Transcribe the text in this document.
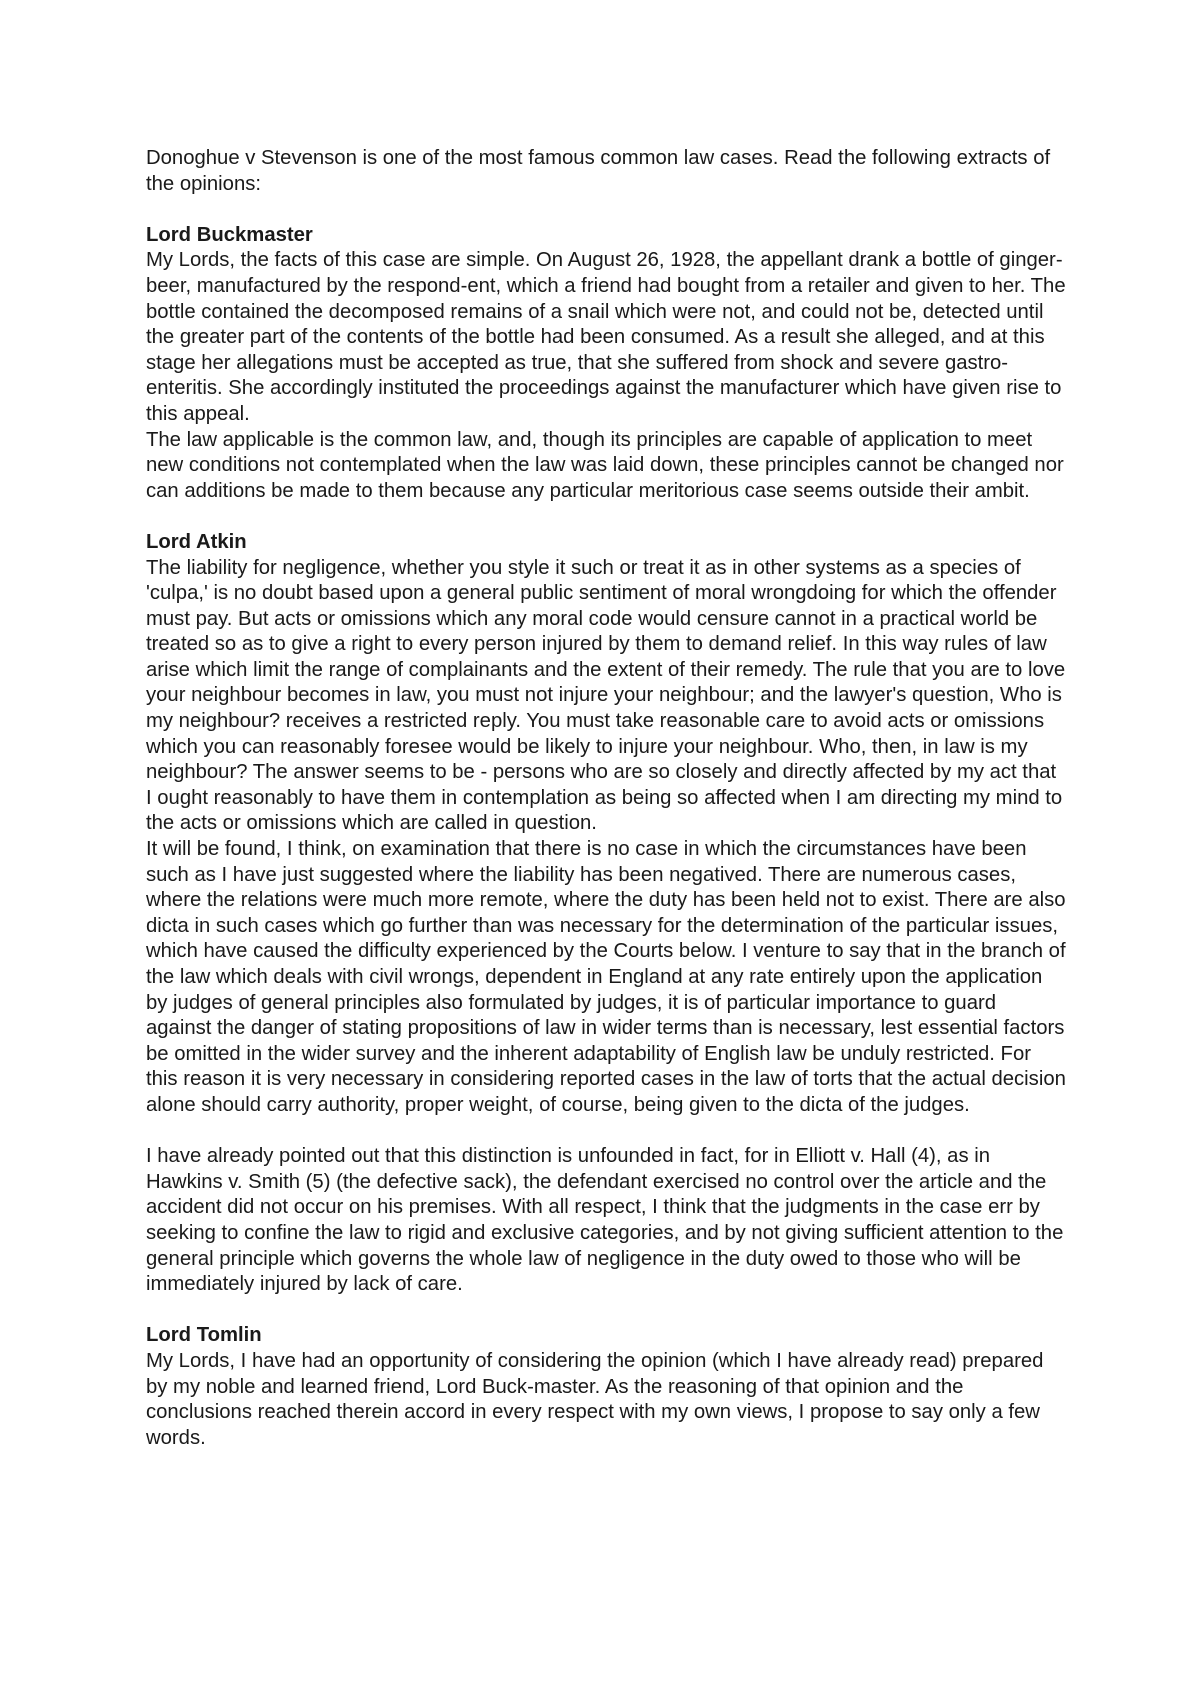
Donoghue v Stevenson is one of the most famous common law cases. Read the following extracts of the opinions:

Lord Buckmaster

My Lords, the facts of this case are simple. On August 26, 1928, the appellant drank a bottle of ginger-beer, manufactured by the respond-ent, which a friend had bought from a retailer and given to her. The bottle contained the decomposed remains of a snail which were not, and could not be, detected until the greater part of the contents of the bottle had been consumed. As a result she alleged, and at this stage her allegations must be accepted as true, that she suffered from shock and severe gastro-enteritis. She accordingly instituted the proceedings against the manufacturer which have given rise to this appeal.

The law applicable is the common law, and, though its principles are capable of application to meet new conditions not contemplated when the law was laid down, these principles cannot be changed nor can additions be made to them because any particular meritorious case seems outside their ambit.

Lord Atkin

The liability for negligence, whether you style it such or treat it as in other systems as a species of 'culpa,' is no doubt based upon a general public sentiment of moral wrongdoing for which the offender must pay. But acts or omissions which any moral code would censure cannot in a practical world be treated so as to give a right to every person injured by them to demand relief. In this way rules of law arise which limit the range of complainants and the extent of their remedy. The rule that you are to love your neighbour becomes in law, you must not injure your neighbour; and the lawyer's question, Who is my neighbour? receives a restricted reply. You must take reasonable care to avoid acts or omissions which you can reasonably foresee would be likely to injure your neighbour. Who, then, in law is my neighbour? The answer seems to be - persons who are so closely and directly affected by my act that I ought reasonably to have them in contemplation as being so affected when I am directing my mind to the acts or omissions which are called in question.

It will be found, I think, on examination that there is no case in which the circumstances have been such as I have just suggested where the liability has been negatived. There are numerous cases, where the relations were much more remote, where the duty has been held not to exist. There are also dicta in such cases which go further than was necessary for the determination of the particular issues, which have caused the difficulty experienced by the Courts below. I venture to say that in the branch of the law which deals with civil wrongs, dependent in England at any rate entirely upon the application by judges of general principles also formulated by judges, it is of particular importance to guard against the danger of stating propositions of law in wider terms than is necessary, lest essential factors be omitted in the wider survey and the inherent adaptability of English law be unduly restricted. For this reason it is very necessary in considering reported cases in the law of torts that the actual decision alone should carry authority, proper weight, of course, being given to the dicta of the judges.

I have already pointed out that this distinction is unfounded in fact, for in Elliott v. Hall (4), as in Hawkins v. Smith (5) (the defective sack), the defendant exercised no control over the article and the accident did not occur on his premises. With all respect, I think that the judgments in the case err by seeking to confine the law to rigid and exclusive categories, and by not giving sufficient attention to the general principle which governs the whole law of negligence in the duty owed to those who will be immediately injured by lack of care.

Lord Tomlin

My Lords, I have had an opportunity of considering the opinion (which I have already read) prepared by my noble and learned friend, Lord Buck-master. As the reasoning of that opinion and the conclusions reached therein accord in every respect with my own views, I propose to say only a few words.
